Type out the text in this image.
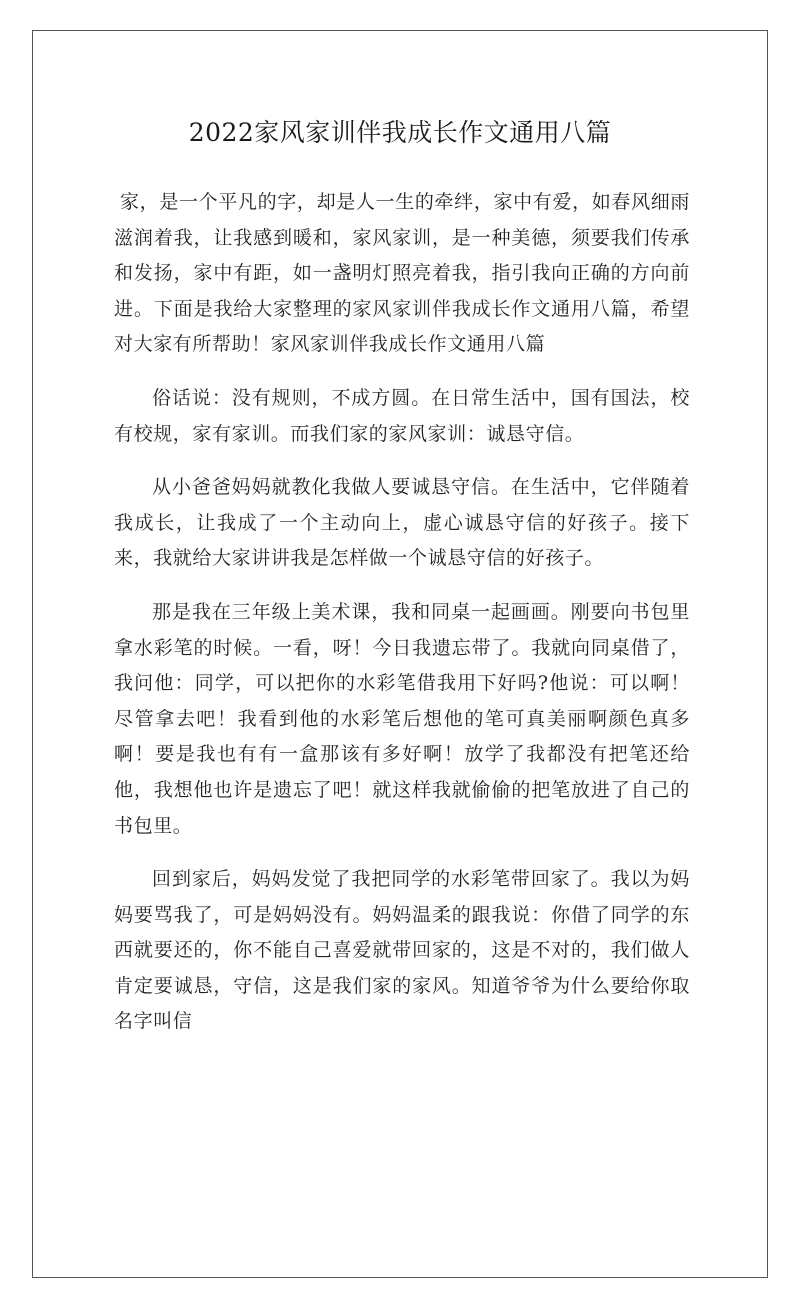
2022家风家训伴我成长作文通用八篇

家，是一个平凡的字，却是人一生的牵绊，家中有爱，如春风细雨滋润着我，让我感到暖和，家风家训，是一种美德，须要我们传承和发扬，家中有距，如一盏明灯照亮着我，指引我向正确的方向前进。下面是我给大家整理的家风家训伴我成长作文通用八篇，希望对大家有所帮助！家风家训伴我成长作文通用八篇

俗话说：没有规则，不成方圆。在日常生活中，国有国法，校有校规，家有家训。而我们家的家风家训：诚恳守信。

从小爸爸妈妈就教化我做人要诚恳守信。在生活中，它伴随着我成长，让我成了一个主动向上，虚心诚恳守信的好孩子。接下来，我就给大家讲讲我是怎样做一个诚恳守信的好孩子。

那是我在三年级上美术课，我和同桌一起画画。刚要向书包里拿水彩笔的时候。一看，呀！今日我遗忘带了。我就向同桌借了，我问他：同学，可以把你的水彩笔借我用下好吗?他说：可以啊！尽管拿去吧！我看到他的水彩笔后想他的笔可真美丽啊颜色真多啊！要是我也有有一盒那该有多好啊！放学了我都没有把笔还给他，我想他也许是遗忘了吧！就这样我就偷偷的把笔放进了自己的书包里。

回到家后，妈妈发觉了我把同学的水彩笔带回家了。我以为妈妈要骂我了，可是妈妈没有。妈妈温柔的跟我说：你借了同学的东西就要还的，你不能自己喜爱就带回家的，这是不对的，我们做人肯定要诚恳，守信，这是我们家的家风。知道爷爷为什么要给你取名字叫信
